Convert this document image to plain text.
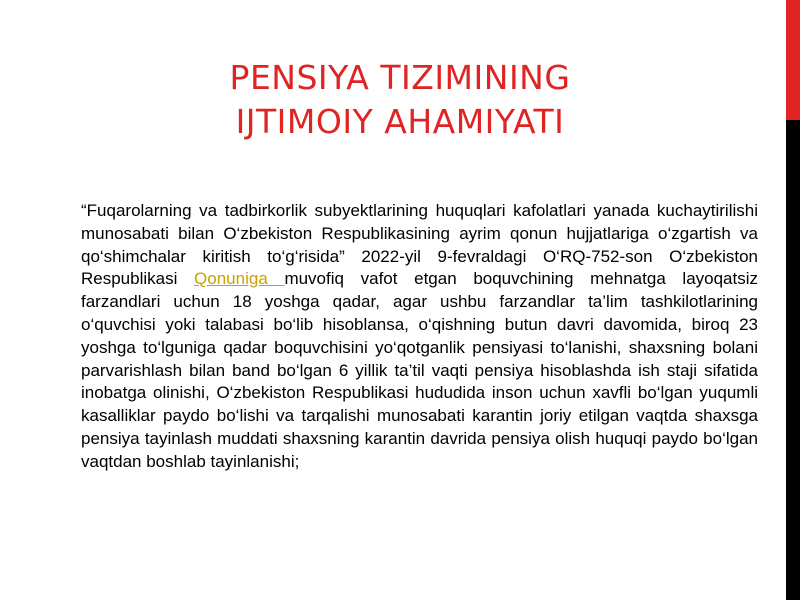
PENSIYA TIZIMINING
IJTIMOIY AHAMIYATI

“Fuqarolarning va tadbirkorlik subyektlarining huquqlari kafolatlari yanada kuchaytirilishi munosabati bilan O‘zbekiston Respublikasining ayrim qonun hujjatlariga o‘zgartish va qo‘shimchalar kiritish to‘g‘risida” 2022-yil 9-fevraldagi O‘RQ-752-son O‘zbekiston Respublikasi Qonuniga muvofiq vafot etgan boquvchining mehnatga layoqatsiz farzandlari uchun 18 yoshga qadar, agar ushbu farzandlar ta’lim tashkilotlarining o‘quvchisi yoki talabasi bo‘lib hisoblansa, o‘qishning butun davri davomida, biroq 23 yoshga to‘lguniga qadar boquvchisini yo‘qotganlik pensiyasi to‘lanishi, shaxsning bolani parvarishlash bilan band bo‘lgan 6 yillik ta’til vaqti pensiya hisoblashda ish staji sifatida inobatga olinishi, O‘zbekiston Respublikasi hududida inson uchun xavfli bo‘lgan yuqumli kasalliklar paydo bo‘lishi va tarqalishi munosabati karantin joriy etilgan vaqtda shaxsga pensiya tayinlash muddati shaxsning karantin davrida pensiya olish huquqi paydo bo‘lgan vaqtdan boshlab tayinlanishi;
